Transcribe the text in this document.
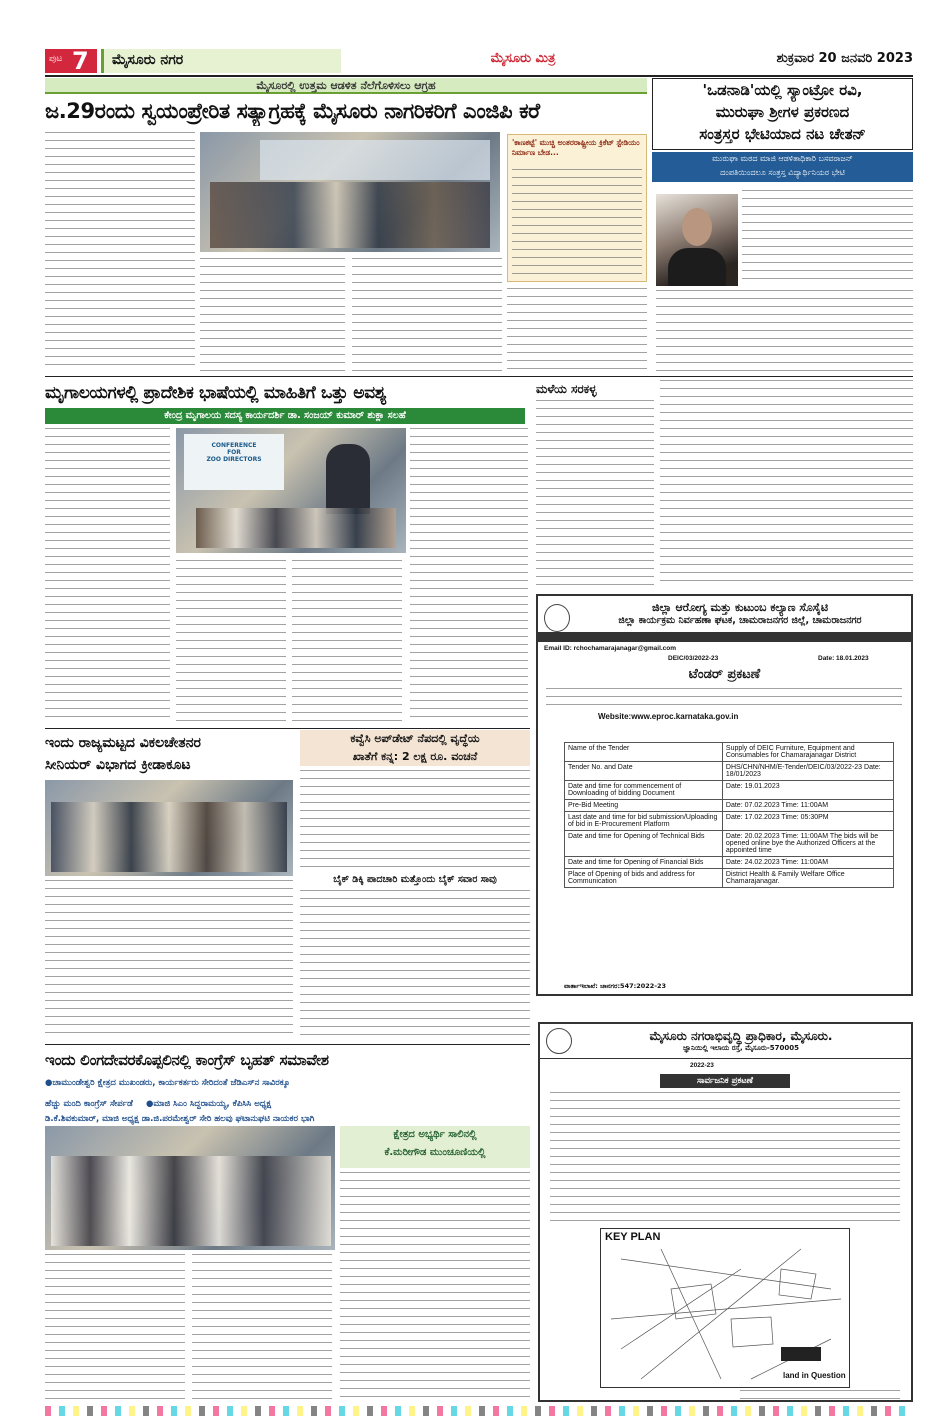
ಪುಟ 7 ಮೈಸೂರು ನಗರ	ಮೈಸೂರು ಮಿತ್ರ	ಶುಕ್ರವಾರ 20 ಜನವರಿ 2023
ಮೈಸೂರಲ್ಲಿ ಉತ್ತಮ ಆಡಳಿತ ನೆಲೆಗೊಳಿಸಲು ಆಗ್ರಹ
ಜ.29ರಂದು ಸ್ವಯಂಪ್ರೇರಿತ ಸತ್ಯಾಗ್ರಹಕ್ಕೆ ಮೈಸೂರು ನಾಗರಿಕರಿಗೆ ಎಂಜಿಪಿ ಕರೆ
'ಕಾಣಕಟ್ಟೆ' ಮುಚ್ಚಿ ಅಂತರರಾಷ್ಟ್ರೀಯ ಕ್ರಿಕೆಟ್ ಸ್ಟೇಡಿಯಂ ನಿರ್ಮಾಣ ಬೇಡ...
'ಒಡನಾಡಿ'ಯಲ್ಲಿ ಸ್ಯಾಂಟ್ರೋ ರವಿ,
ಮುರುಘಾ ಶ್ರೀಗಳ ಪ್ರಕರಣದ
ಸಂತ್ರಸ್ತರ ಭೇಟಿಯಾದ ನಟ ಚೇತನ್
ಮುರುಘಾ ಮಠದ ಮಾಜಿ ಆಡಳಿತಾಧಿಕಾರಿ ಬಸವರಾಜನ್
ದಂಪತಿಯಿಂದಲೂ ಸಂತ್ರಸ್ತ ವಿದ್ಯಾರ್ಥಿನಿಯರ ಭೇಟಿ
ಮೃಗಾಲಯಗಳಲ್ಲಿ ಪ್ರಾದೇಶಿಕ ಭಾಷೆಯಲ್ಲಿ ಮಾಹಿತಿಗೆ ಒತ್ತು ಅವಶ್ಯ
ಕೇಂದ್ರ ಮೃಗಾಲಯ ಸದಸ್ಯ ಕಾರ್ಯದರ್ಶಿ ಡಾ. ಸಂಜಯ್ ಕುಮಾರ್ ಶುಕ್ಲಾ ಸಲಹೆ
CONFERENCE
FOR
ZOO DIRECTORS
ಮಳೆಯ ಸರಕಳ್ಳ
ಜಿಲ್ಲಾ ಆರೋಗ್ಯ ಮತ್ತು ಕುಟುಂಬ ಕಲ್ಯಾಣ ಸೊಸೈಟಿ
ಜಿಲ್ಲಾ ಕಾರ್ಯಕ್ರಮ ನಿರ್ವಹಣಾ ಘಟಕ, ಚಾಮರಾಜನಗರ ಜಿಲ್ಲೆ, ಚಾಮರಾಜನಗರ
Email ID: rchochamarajanagar@gmail.com
DEIC/03/2022-23	Date: 18.01.2023
ಟೆಂಡರ್ ಪ್ರಕಟಣೆ
Website:www.eproc.karnataka.gov.in
Name of the Tender	Supply of DEIC Furniture, Equipment and Consumables for Chamarajanagar District
Tender No. and Date	DHS/CHN/NHM/E-Tender/DEIC/03/2022-23 Date: 18/01/2023
Date and time for commencement of Downloading of bidding Document	Date: 19.01.2023
Pre-Bid Meeting	Date: 07.02.2023 Time: 11:00AM
Last date and time for bid submission/Uploading of bid in E-Procurement Platform	Date: 17.02.2023 Time: 05:30PM
Date and time for Opening of Technical Bids	Date: 20.02.2023 Time: 11:00AM The bids will be opened online bye the Authorized Officers at the appointed time
Date and time for Opening of Financial Bids	Date: 24.02.2023 Time: 11:00AM
Place of Opening of bids and address for Communication	District Health & Family Welfare Office Chamarajanagar.
ವಾರ್ತಾಇಲಾಖೆ: ಚಾನಗರ:547:2022-23
ಇಂದು ರಾಜ್ಯಮಟ್ಟದ ವಿಕಲಚೇತನರ
ಸೀನಿಯರ್ ವಿಭಾಗದ ಕ್ರೀಡಾಕೂಟ
ಕವ್ವೆಸಿ ಅಪ್‌ಡೇಟ್ ನೆಪದಲ್ಲಿ ವೃದ್ಧೆಯ
ಖಾತೆಗೆ ಕನ್ನ: 2 ಲಕ್ಷ ರೂ. ವಂಚನೆ
ಬೈಕ್ ಡಿಕ್ಕಿ ಪಾದಚಾರಿ ಮತ್ತೊಂದು ಬೈಕ್ ಸವಾರ ಸಾವು
ಇಂದು ಲಿಂಗದೇವರಕೊಪ್ಪಲಿನಲ್ಲಿ ಕಾಂಗ್ರೆಸ್ ಬೃಹತ್ ಸಮಾವೇಶ
●ಚಾಮುಂಡೇಶ್ವರಿ ಕ್ಷೇತ್ರದ ಮುಖಂಡರು, ಕಾರ್ಯಕರ್ತರು ಸೇರಿದಂತೆ ಜೆಡಿಎಸ್‌ನ ಸಾವಿರಕ್ಕೂ
ಹೆಚ್ಚು ಮಂದಿ ಕಾಂಗ್ರೆಸ್ ಸೇರ್ಪಡೆ ●ಮಾಜಿ ಸಿಎಂ ಸಿದ್ದರಾಮಯ್ಯ, ಕೆಪಿಸಿಸಿ ಅಧ್ಯಕ್ಷ
ಡಿ.ಕೆ.ಶಿವಕುಮಾರ್, ಮಾಜಿ ಅಧ್ಯಕ್ಷ ಡಾ.ಜಿ.ಪರಮೇಶ್ವರ್ ಸೇರಿ ಹಲವು ಘಟಾನುಘಟಿ ನಾಯಕರ ಭಾಗಿ
ಕ್ಷೇತ್ರದ ಅಭ್ಯರ್ಥಿ ಸಾಲಿನಲ್ಲಿ
ಕೆ.ಮರೀಗೌಡ ಮುಂಚೂಣಿಯಲ್ಲಿ
ಮೈಸೂರು ನಗರಾಭಿವೃದ್ಧಿ ಪ್ರಾಧಿಕಾರ, ಮೈಸೂರು.
ಜ್ಞಾನಿಯಿಲ್ಲಿ ಇಲಾಯ ರಸ್ತೆ, ಮೈಸೂರು-570005
2022-23
ಸಾರ್ವಜನಿಕ ಪ್ರಕಟಣೆ
KEY PLAN
land in Question
